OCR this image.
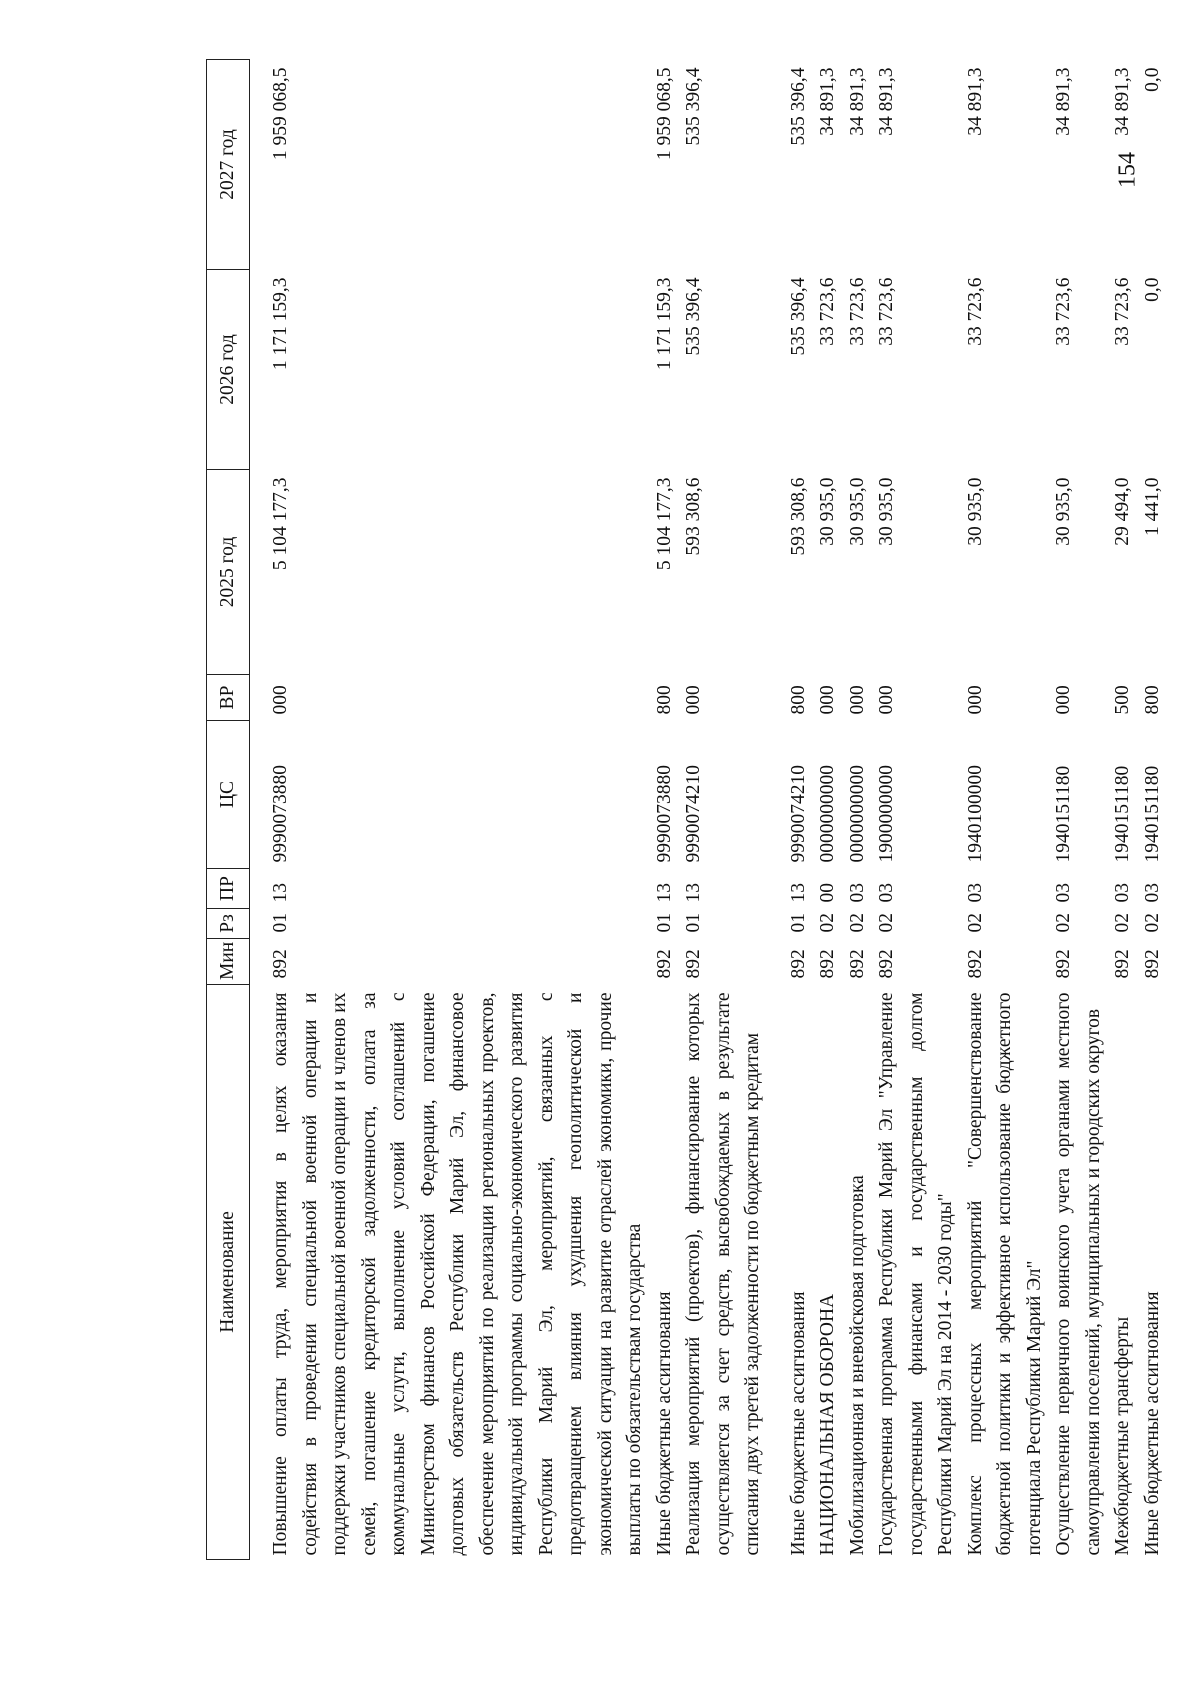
154
Наименование	Мин	Рз	ПР	ЦС	ВР	2025 год	2026 год	2027 год
Повышение оплаты труда, мероприятия в целях оказания содействия в проведении специальной военной операции и поддержки участников специальной военной операции и членов их семей, погашение кредиторской задолженности, оплата за коммунальные услуги, выполнение условий соглашений с Министерством финансов Российской Федерации, погашение долговых обязательств Республики Марий Эл, финансовое обеспечение мероприятий по реализации региональных проектов, индивидуальной программы социально-экономического развития Республики Марий Эл, мероприятий, связанных с предотвращением влияния ухудшения геополитической и экономической ситуации на развитие отраслей экономики, прочие выплаты по обязательствам государства	892	01	13	9990073880	000	5 104 177,3	1 171 159,3	1 959 068,5
Иные бюджетные ассигнования	892	01	13	9990073880	800	5 104 177,3	1 171 159,3	1 959 068,5
Реализация мероприятий (проектов), финансирование которых осуществляется за счет средств, высвобождаемых в результате списания двух третей задолженности по бюджетным кредитам	892	01	13	9990074210	000	593 308,6	535 396,4	535 396,4
Иные бюджетные ассигнования	892	01	13	9990074210	800	593 308,6	535 396,4	535 396,4
НАЦИОНАЛЬНАЯ ОБОРОНА	892	02	00	0000000000	000	30 935,0	33 723,6	34 891,3
Мобилизационная и вневойсковая подготовка	892	02	03	0000000000	000	30 935,0	33 723,6	34 891,3
Государственная программа Республики Марий Эл "Управление государственными финансами и государственным долгом Республики Марий Эл на 2014 - 2030 годы"	892	02	03	1900000000	000	30 935,0	33 723,6	34 891,3
Комплекс процессных мероприятий "Совершенствование бюджетной политики и эффективное использование бюджетного потенциала Республики Марий Эл"	892	02	03	1940100000	000	30 935,0	33 723,6	34 891,3
Осуществление первичного воинского учета органами местного самоуправления поселений, муниципальных и городских округов	892	02	03	1940151180	000	30 935,0	33 723,6	34 891,3
Межбюджетные трансферты	892	02	03	1940151180	500	29 494,0	33 723,6	34 891,3
Иные бюджетные ассигнования	892	02	03	1940151180	800	1 441,0	0,0	0,0
